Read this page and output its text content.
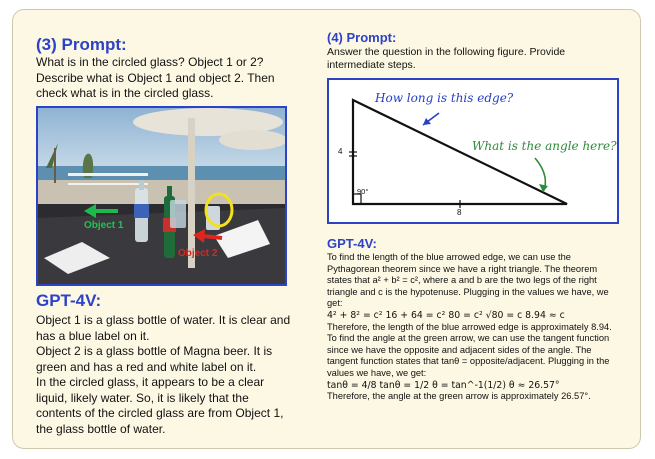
(3) Prompt:
What is in the circled glass? Object 1 or 2? Describe what is Object 1 and object 2. Then check what is in the circled glass.
Object 1
Object 2
GPT-4V:

Object 1 is a glass bottle of water. It is clear and has a blue label on it.

Object 2 is a glass bottle of Magna beer. It is green and has a red and white label on it.

In the circled glass, it appears to be a clear liquid, likely water. So, it is likely that the contents of the circled glass are from Object 1, the glass bottle of water.

(4) Prompt:
Answer the question in the following figure. Provide intermediate steps.
How long is this edge?
What is the angle here?
4
8
90°
GPT-4V:

To find the length of the blue arrowed edge, we can use the Pythagorean theorem since we have a right triangle. The theorem states that a² + b² = c², where a and b are the two legs of the right triangle and c is the hypotenuse. Plugging in the values we have, we get:

4² + 8² = c² 16 + 64 = c² 80 = c² √80 = c 8.94 ≈ c

Therefore, the length of the blue arrowed edge is approximately 8.94.

To find the angle at the green arrow, we can use the tangent function since we have the opposite and adjacent sides of the angle. The tangent function states that tanθ = opposite/adjacent. Plugging in the values we have, we get:

tanθ = 4/8 tanθ = 1/2 θ = tan^-1(1/2) θ ≈ 26.57°

Therefore, the angle at the green arrow is approximately 26.57°.
